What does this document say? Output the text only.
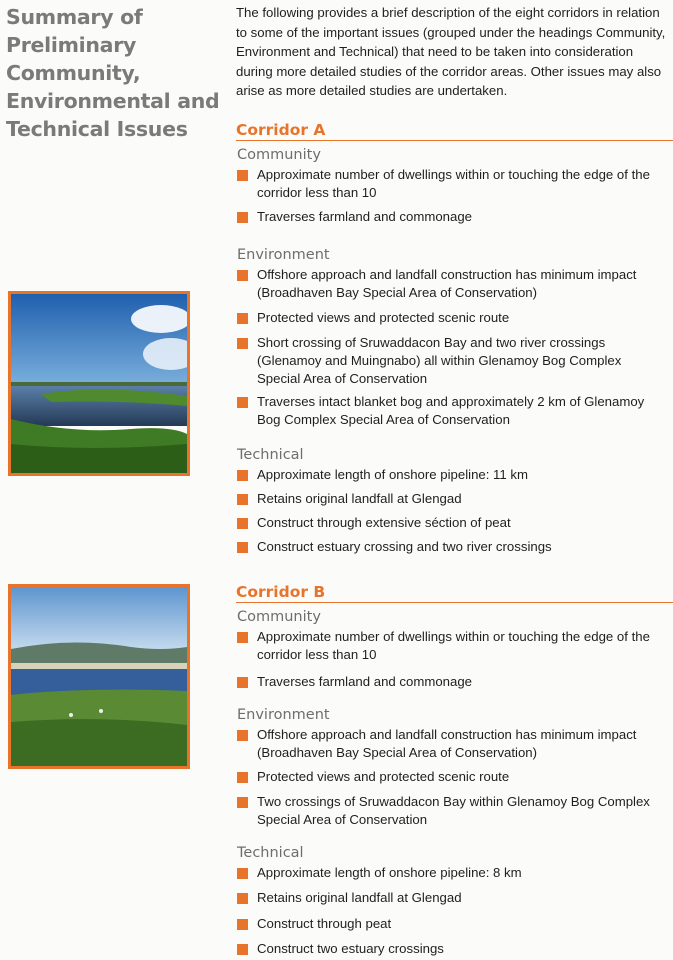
Summary of
Preliminary
Community,
Environmental and
Technical Issues
The following provides a brief description of the eight corridors in relation to some of the important issues (grouped under the headings Community, Environment and Technical) that need to be taken into consideration during more detailed studies of the corridor areas. Other issues may also arise as more detailed studies are undertaken.
Corridor A
Community
Approximate number of dwellings within or touching the edge of the corridor less than 10
Traverses farmland and commonage
Environment
Offshore approach and landfall construction has minimum impact (Broadhaven Bay Special Area of Conservation)
Protected views and protected scenic route
Short crossing of Sruwaddacon Bay and two river crossings (Glenamoy and Muingnabo) all within Glenamoy Bog Complex Special Area of Conservation
Traverses intact blanket bog and approximately 2 km of Glenamoy Bog Complex Special Area of Conservation
Technical
Approximate length of onshore pipeline: 11 km
Retains original landfall at Glengad
Construct through extensive séction of peat
Construct estuary crossing and two river crossings
Corridor B
Community
Approximate number of dwellings within or touching the edge of the corridor less than 10
Traverses farmland and commonage
Environment
Offshore approach and landfall construction has minimum impact (Broadhaven Bay Special Area of Conservation)
Protected views and protected scenic route
Two crossings of Sruwaddacon Bay within Glenamoy Bog Complex Special Area of Conservation
Technical
Approximate length of onshore pipeline: 8 km
Retains original landfall at Glengad
Construct through peat
Construct two estuary crossings
